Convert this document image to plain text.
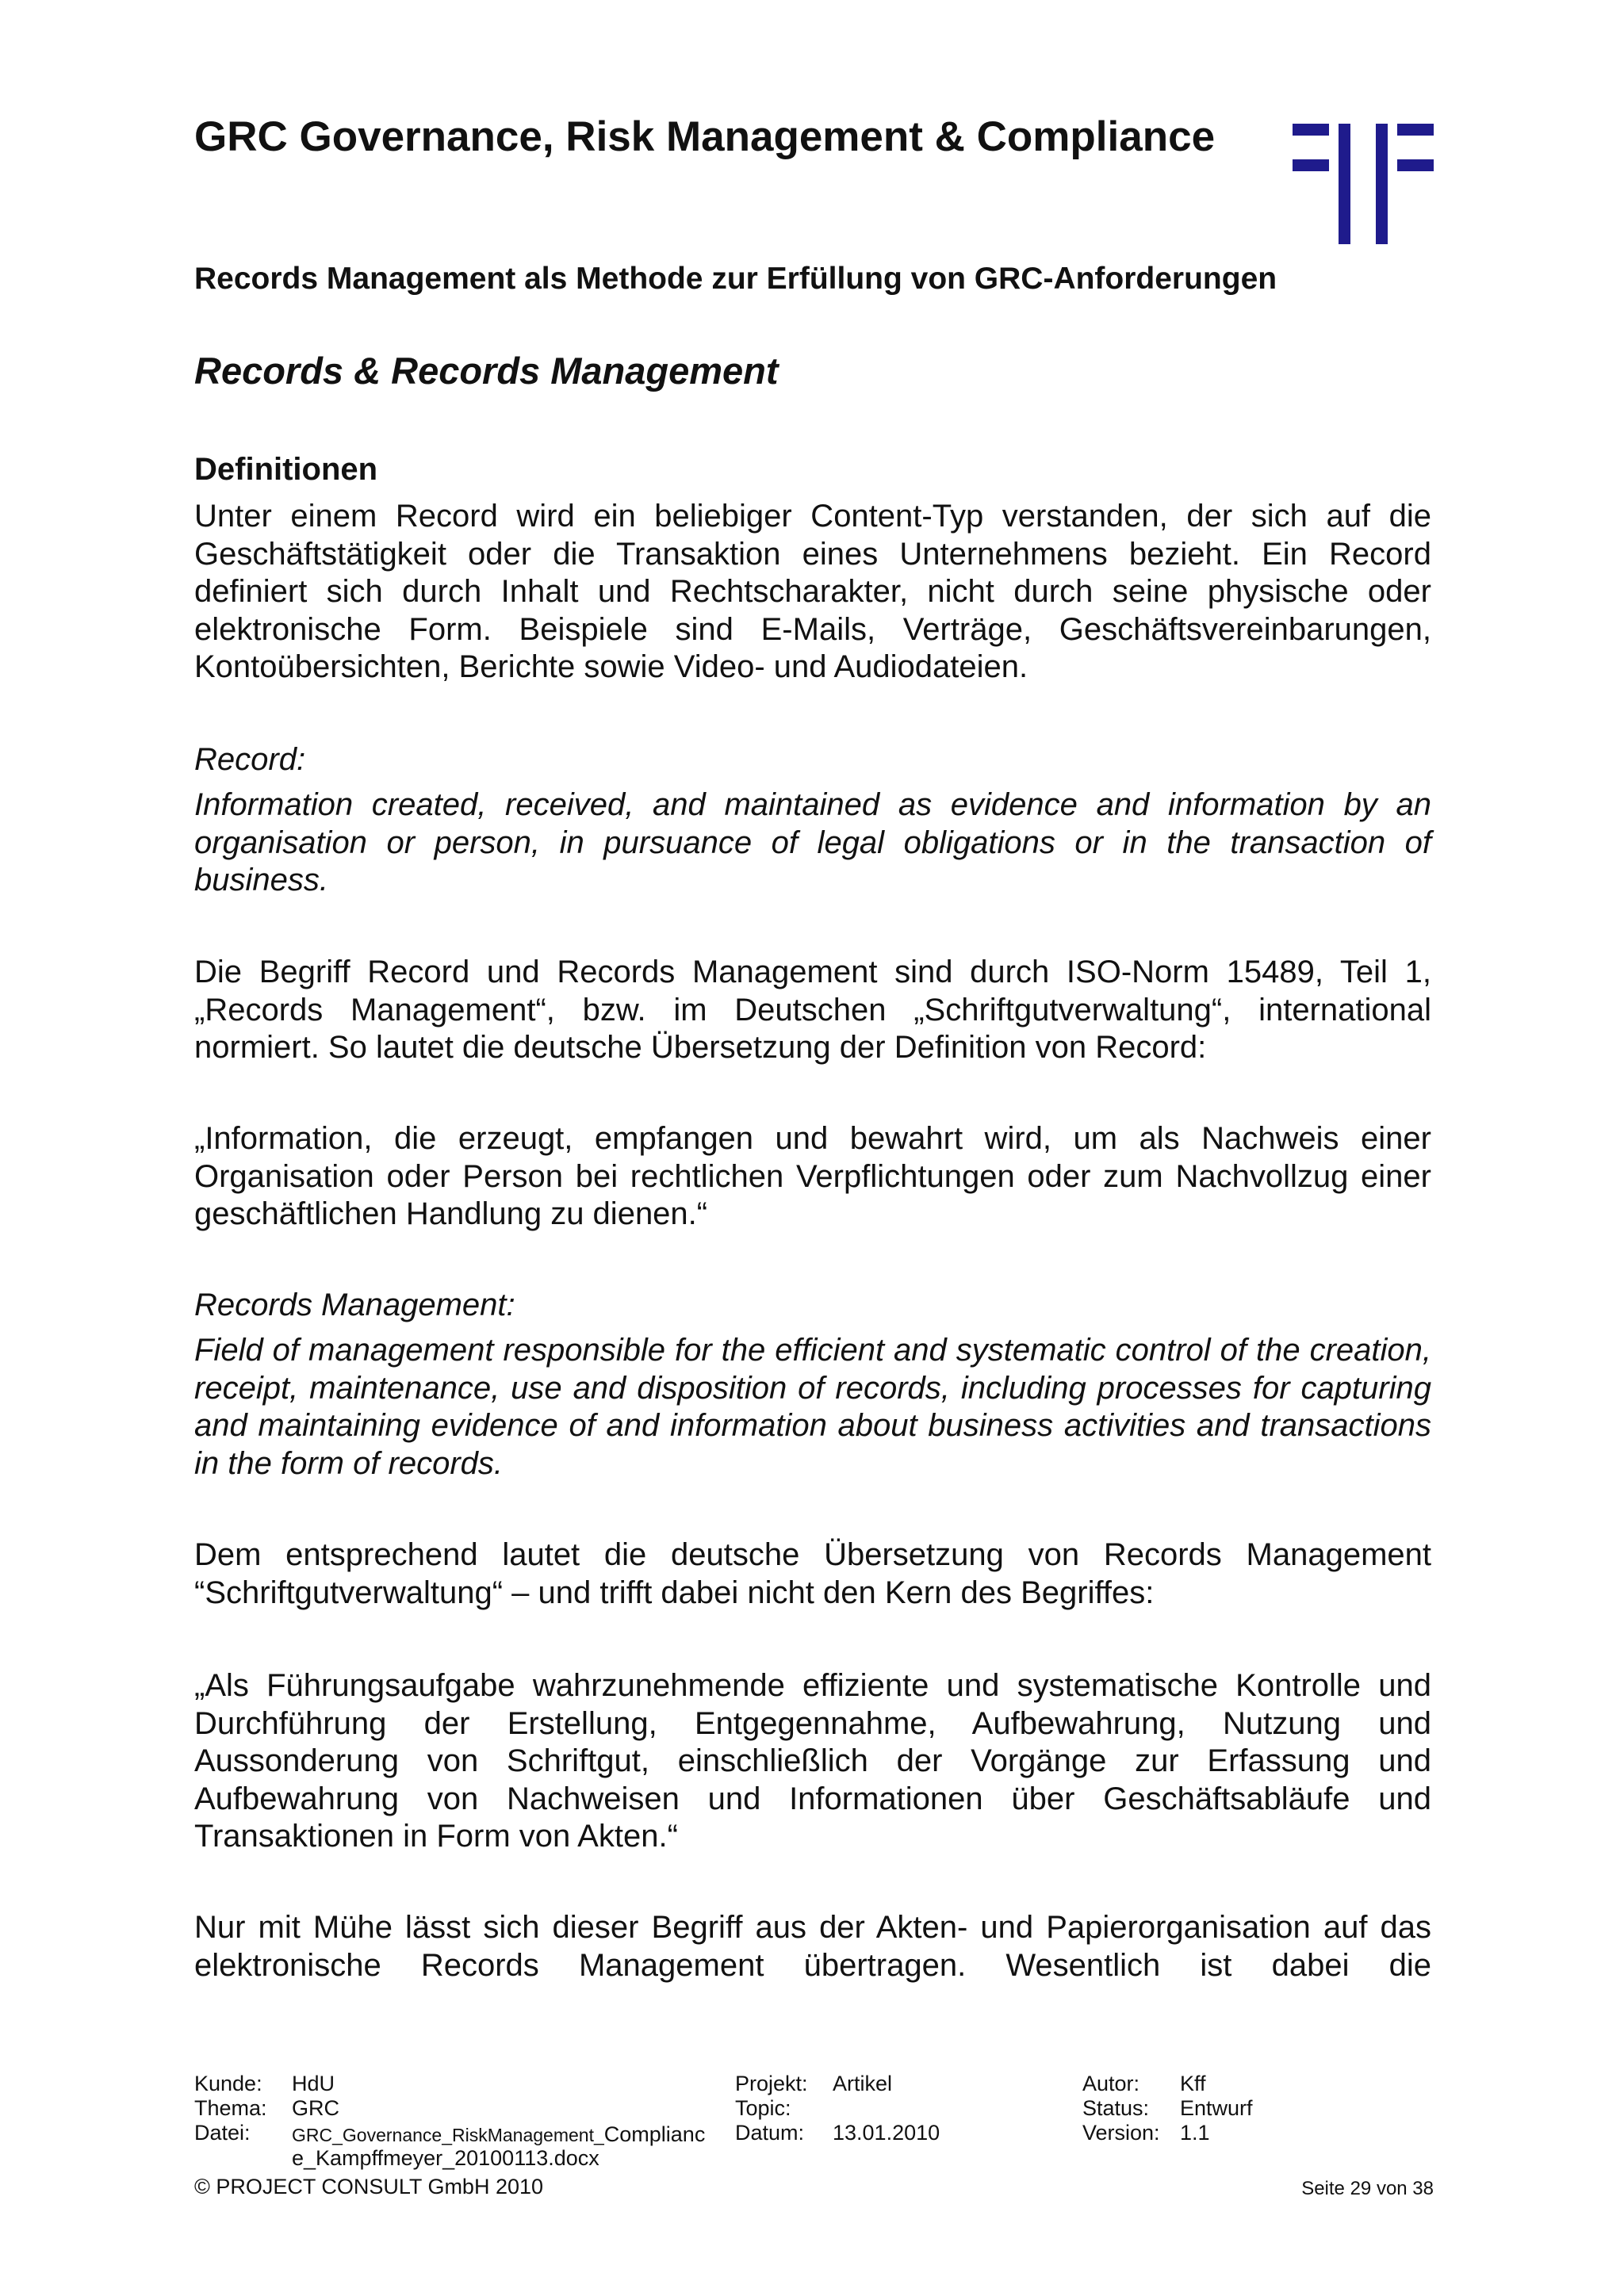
GRC Governance, Risk Management & Compliance
Records Management als Methode zur Erfüllung von GRC-Anforderungen
Records & Records Management
Definitionen

Unter einem Record wird ein beliebiger Content-Typ verstanden, der sich auf die Geschäftstätigkeit oder die Transaktion eines Unternehmens bezieht. Ein Record definiert sich durch Inhalt und Rechtscharakter, nicht durch seine physische oder elektronische Form. Beispiele sind E-Mails, Verträge, Geschäftsvereinbarungen, Kontoübersichten, Berichte sowie Video- und Audiodateien.

Record:

Information created, received, and maintained as evidence and information by an organisation or person, in pursuance of legal obligations or in the transaction of business.

Die Begriff Record und Records Management sind durch ISO-Norm 15489, Teil 1, „Records Management“, bzw. im Deutschen „Schriftgutverwaltung“, international normiert. So lautet die deutsche Übersetzung der Definition von Record:

„Information, die erzeugt, empfangen und bewahrt wird, um als Nachweis einer Organisation oder Person bei rechtlichen Verpflichtungen oder zum Nachvollzug einer geschäftlichen Handlung zu dienen.“

Records Management:

Field of management responsible for the efficient and systematic control of the creation, receipt, maintenance, use and disposition of records, including processes for capturing and maintaining evidence of and information about business activities and transactions in the form of records.

Dem entsprechend lautet die deutsche Übersetzung von Records Management “Schriftgutverwaltung“ – und trifft dabei nicht den Kern des Begriffes:

„Als Führungsaufgabe wahrzunehmende effiziente und systematische Kontrolle und Durchführung der Erstellung, Entgegennahme, Aufbewahrung, Nutzung und Aussonderung von Schriftgut, einschließlich der Vorgänge zur Erfassung und Aufbewahrung von Nachweisen und Informationen über Geschäftsabläufe und Transaktionen in Form von Akten.“

Nur mit Mühe lässt sich dieser Begriff aus der Akten- und Papierorganisation auf das elektronische Records Management übertragen. Wesentlich ist dabei die

Kunde: HdU
Thema: GRC
Datei: GRC_Governance_RiskManagement_Complianc
e_Kampffmeyer_20100113.docx
Projekt: Artikel
Topic:
Datum: 13.01.2010
Autor: Kff
Status: Entwurf
Version: 1.1
© PROJECT CONSULT GmbH 2010	Seite 29 von 38
